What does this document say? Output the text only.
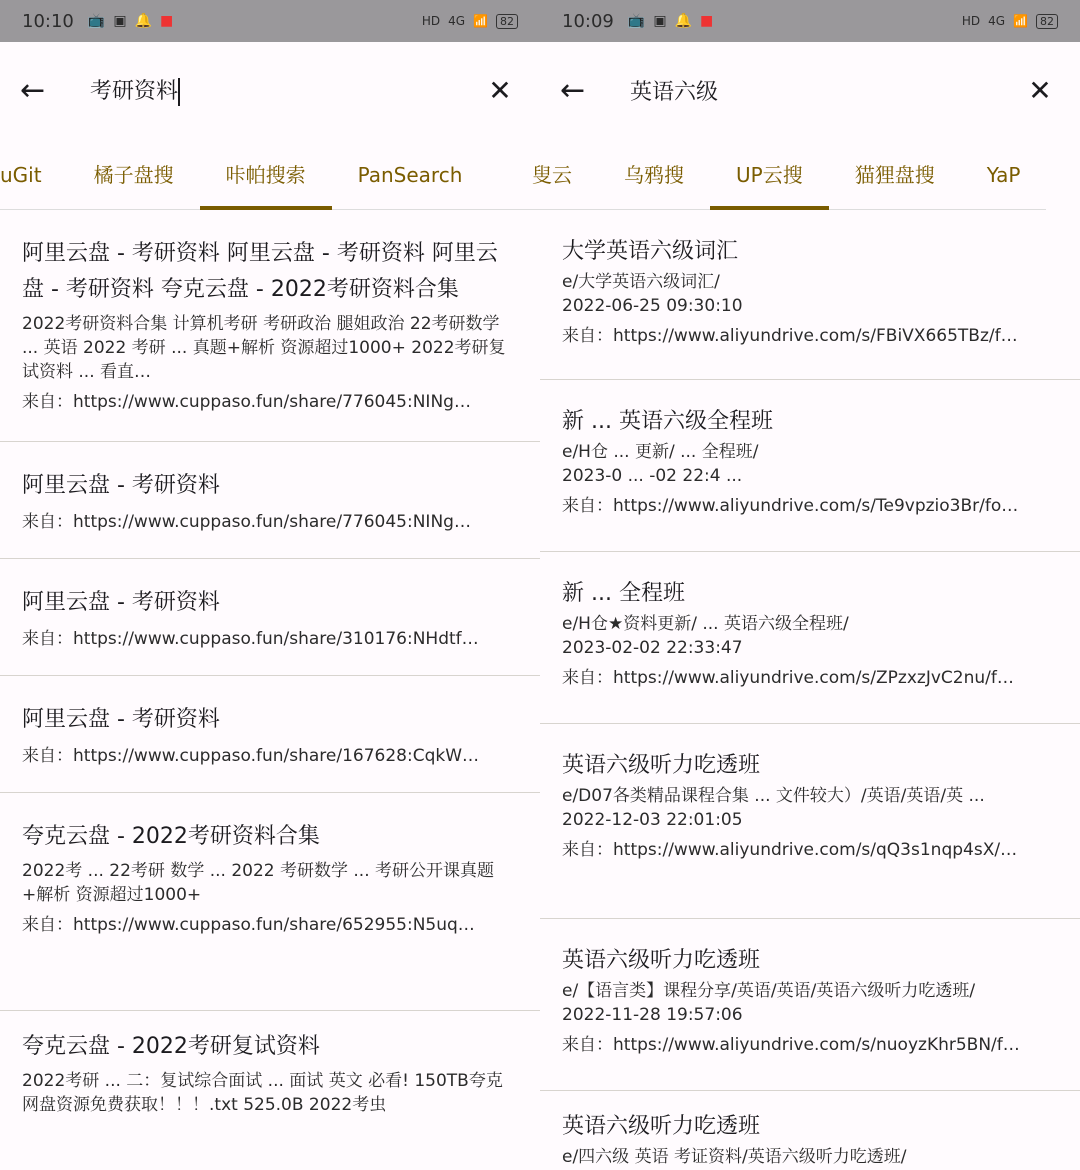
10:10 📺 ▣ 🔔 ■	HD 4G 📶	82
←	考研资料	✕
uGit	橘子盘搜	咔帕搜索	PanSearch
阿里云盘 - 考研资料 阿里云盘 - 考研资料 阿里云盘 - 考研资料 夸克云盘 - 2022考研资料合集
2022考研资料合集 计算机考研 考研政治 腿姐政治 22考研数学 ... 英语 2022 考研 ... 真题+解析 资源超过1000+ 2022考研复试资料 ... 看直…
来自：https://www.cuppaso.fun/share/776045:NINg…
阿里云盘 - 考研资料
来自：https://www.cuppaso.fun/share/776045:NINg…
阿里云盘 - 考研资料
来自：https://www.cuppaso.fun/share/310176:NHdtf…
阿里云盘 - 考研资料
来自：https://www.cuppaso.fun/share/167628:CqkW…
夸克云盘 - 2022考研资料合集
2022考 ... 22考研 数学 ... 2022 考研数学 ... 考研公开课真题+解析 资源超过1000+
来自：https://www.cuppaso.fun/share/652955:N5uq…
夸克云盘 - 2022考研复试资料
2022考研 ... 二：复试综合面试 ... 面试 英文 必看! 150TB夸克网盘资源免费获取！！！.txt 525.0B 2022考虫
10:09 📺 ▣ 🔔 ■	HD 4G 📶	82
←	英语六级	✕
叟云	乌鸦搜	UP云搜	猫狸盘搜	YaP
大学英语六级词汇
e/大学英语六级词汇/
2022-06-25 09:30:10
来自：https://www.aliyundrive.com/s/FBiVX665TBz/f…
新 ... 英语六级全程班
e/H仓 ... 更新/ ... 全程班/
2023-0 ... -02 22:4 ...
来自：https://www.aliyundrive.com/s/Te9vpzio3Br/fo…
新 ... 全程班
e/H仓★资料更新/ ... 英语六级全程班/
2023-02-02 22:33:47
来自：https://www.aliyundrive.com/s/ZPzxzJvC2nu/f…
英语六级听力吃透班
e/D07各类精品课程合集 ... 文件较大）/英语/英语/英 ...
2022-12-03 22:01:05
来自：https://www.aliyundrive.com/s/qQ3s1nqp4sX/…
英语六级听力吃透班
e/【语言类】课程分享/英语/英语/英语六级听力吃透班/
2022-11-28 19:57:06
来自：https://www.aliyundrive.com/s/nuoyzKhr5BN/f…
英语六级听力吃透班
e/四六级 英语 考证资料/英语六级听力吃透班/
